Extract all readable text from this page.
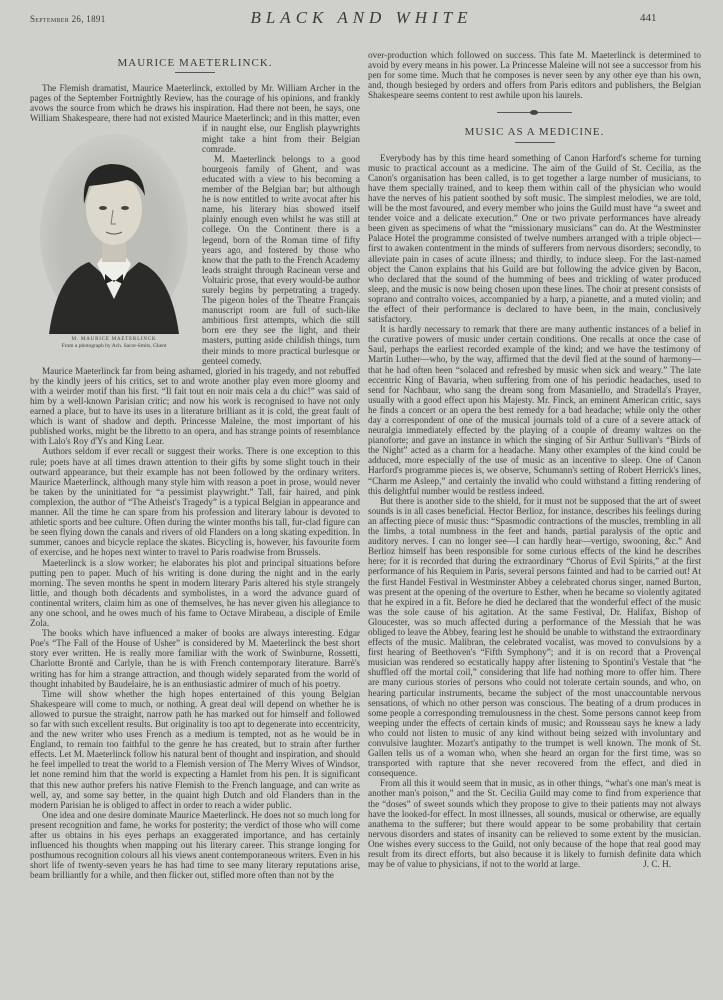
September 26, 1891	BLACK AND WHITE	441
MAURICE MAETERLINCK.
M. MAURICE MAETERLINCK
From a photograph by Ach. Sacre-Smits, Ghent

The Flemish dramatist, Maurice Maeterlinck, extolled by Mr. William Archer in the pages of the September Fortnightly Review, has the courage of his opinions, and frankly avows the source from which he draws his inspiration. Had there not been, he says, one William Shakespeare, there had not existed Maurice Maeterlinck; and in this matter, even if in naught else, our English playwrights might take a hint from their Belgian comrade.

M. Maeterlinck belongs to a good bourgeois family of Ghent, and was educated with a view to his becoming a member of the Belgian bar; but although he is now entitled to write avocat after his name, his literary bias showed itself plainly enough even whilst he was still at college. On the Continent there is a legend, born of the Roman time of fifty years ago, and fostered by those who know that the path to the French Academy leads straight through Racinean verse and Voltairic prose, that every would-be author surely begins by perpetrating a tragedy. The pigeon holes of the Theatre Français manuscript room are full of such-like ambitious first attempts, which die still born ere they see the light, and their masters, putting aside childish things, turn their minds to more practical burlesque or genteel comedy.

Maurice Maeterlinck far from being ashamed, gloried in his tragedy, and not rebuffed by the kindly jeers of his critics, set to and wrote another play even more gloomy and with a weirder motif than his first. “Il fait tout en noir mais cela a du chic!” was said of him by a well-known Parisian critic; and now his work is recognised to have not only earned a place, but to have its uses in a literature brilliant as it is cold, the great fault of which is want of shadow and depth. Princesse Maleine, the most important of his published works, might be the libretto to an opera, and has strange points of resemblance with Lalo's Roy d'Ys and King Lear.

Authors seldom if ever recall or suggest their works. There is one exception to this rule; poets have at all times drawn attention to their gifts by some slight touch in their outward appearance, but their example has not been followed by the ordinary writers. Maurice Maeterlinck, although many style him with reason a poet in prose, would never be taken by the uninitiated for “a pessimist playwright.” Tall, fair haired, and pink complexion, the author of “The Atheist's Tragedy” is a typical Belgian in appearance and manner. All the time he can spare from his profession and literary labour is devoted to athletic sports and bee culture. Often during the winter months his tall, fur-clad figure can be seen flying down the canals and rivers of old Flanders on a long skating expedition. In summer, canoes and bicycle replace the skates. Bicycling is, however, his favourite form of exercise, and he hopes next winter to travel to Paris roadwise from Brussels.

Maeterlinck is a slow worker; he elaborates his plot and principal situations before putting pen to paper. Much of his writing is done during the night and in the early morning. The seven months he spent in modern literary Paris altered his style strangely little, and though both décadents and symbolistes, in a word the advance guard of continental writers, claim him as one of themselves, he has never given his allegiance to any one school, and he owes much of his fame to Octave Mirabeau, a disciple of Emile Zola.

The books which have influenced a maker of books are always interesting. Edgar Poe's “The Fall of the House of Usher” is considered by M. Maeterlinck the best short story ever written. He is really more familiar with the work of Swinburne, Rossetti, Charlotte Brontë and Carlyle, than he is with French contemporary literature. Barrè's writing has for him a strange attraction, and though widely separated from the world of thought inhabited by Baudelaire, he is an enthusiastic admirer of much of his poetry.

Time will show whether the high hopes entertained of this young Belgian Shakespeare will come to much, or nothing. A great deal will depend on whether he is allowed to pursue the straight, narrow path he has marked out for himself and followed so far with such excellent results. But originality is too apt to degenerate into eccentricity, and the new writer who uses French as a medium is tempted, not as he would be in England, to remain too faithful to the genre he has created, but to strain after further effects. Let M. Maeterlinck follow his natural bent of thought and inspiration, and should he feel impelled to treat the world to a Flemish version of The Merry Wives of Windsor, let none remind him that the world is expecting a Hamlet from his pen. It is significant that this new author prefers his native Flemish to the French language, and can write as well, ay, and some say better, in the quaint high Dutch and old Flanders than in the modern Parisian he is obliged to affect in order to reach a wider public.

One idea and one desire dominate Maurice Maeterlinck. He does not so much long for present recognition and fame, he works for posterity; the verdict of those who will come after us obtains in his eyes perhaps an exaggerated importance, and has certainly influenced his thoughts when mapping out his literary career. This strange longing for posthumous recognition colours all his views anent contemporaneous writers. Even in his short life of twenty-seven years he has had time to see many literary reputations arise, beam brilliantly for a while, and then flicker out, stifled more often than not by the

over-production which followed on success. This fate M. Maeterlinck is determined to avoid by every means in his power. La Princesse Maleine will not see a successor from his pen for some time. Much that he composes is never seen by any other eye than his own, and, though besieged by orders and offers from Paris editors and publishers, the Belgian Shakespeare seems content to rest awhile upon his laurels.

MUSIC AS A MEDICINE.

Everybody has by this time heard something of Canon Harford's scheme for turning music to practical account as a medicine. The aim of the Guild of St. Cecilia, as the Canon's organisation has been called, is to get together a large number of musicians, to have them specially trained, and to keep them within call of the physician who would have the nerves of his patient soothed by soft music. The simplest melodies, we are told, will be the most favoured, and every member who joins the Guild must have “a sweet and tender voice and a delicate execution.” One or two private performances have already been given as specimens of what the “missionary musicians” can do. At the Westminster Palace Hotel the programme consisted of twelve numbers arranged with a triple object—first to awaken contentment in the minds of sufferers from nervous disorders; secondly, to alleviate pain in cases of acute illness; and thirdly, to induce sleep. For the last-named object the Canon explains that his Guild are but following the advice given by Bacon, who declared that the sound of the humming of bees and trickling of water produced sleep, and the music is now being chosen upon these lines. The choir at present consists of soprano and contralto voices, accompanied by a harp, a pianette, and a muted violin; and the effect of their performance is declared to have been, in the main, conclusively satisfactory.

It is hardly necessary to remark that there are many authentic instances of a belief in the curative powers of music under certain conditions. One recalls at once the case of Saul, perhaps the earliest recorded example of the kind; and we have the testimony of Martin Luther—who, by the way, affirmed that the devil fled at the sound of harmony—that he had often been “solaced and refreshed by music when sick and weary.” The late eccentric King of Bavaria, when suffering from one of his periodic headaches, used to send for Nachbaur, who sang the dream song from Masaniello, and Stradella's Prayer, usually with a good effect upon his Majesty. Mr. Finck, an eminent American critic, says he finds a concert or an opera the best remedy for a bad headache; while only the other day a correspondent of one of the musical journals told of a cure of a severe attack of neuralgia immediately effected by the playing of a couple of dreamy waltzes on the pianoforte; and gave an instance in which the singing of Sir Arthur Sullivan's “Birds of the Night” acted as a charm for a headache. Many other examples of the kind could be adduced, more especially of the use of music as an incentive to sleep. One of Canon Harford's programme pieces is, we observe, Schumann's setting of Robert Herrick's lines, “Charm me Asleep,” and certainly the invalid who could withstand a fitting rendering of this delightful number would be restless indeed.

But there is another side to the shield, for it must not be supposed that the art of sweet sounds is in all cases beneficial. Hector Berlioz, for instance, describes his feelings during an affecting piece of music thus: “Spasmodic contractions of the muscles, trembling in all the limbs, a total numbness in the feet and hands, partial paralysis of the optic and auditory nerves. I can no longer see—I can hardly hear—vertigo, swooning, &c.” And Berlioz himself has been responsible for some curious effects of the kind he describes here; for it is recorded that during the extraordinary “Chorus of Evil Spirits,” at the first performance of his Requiem in Paris, several persons fainted and had to be carried out! At the first Handel Festival in Westminster Abbey a celebrated chorus singer, named Burton, was present at the opening of the overture to Esther, when he became so violently agitated that he expired in a fit. Before he died he declared that the wonderful effect of the music was the sole cause of his agitation. At the same Festival, Dr. Halifax, Bishop of Gloucester, was so much affected during a performance of the Messiah that he was obliged to leave the Abbey, fearing lest he should be unable to withstand the extraordinary effects of the music. Malibran, the celebrated vocalist, was moved to convulsions by a first hearing of Beethoven's “Fifth Symphony”; and it is on record that a Provençal musician was rendered so ecstatically happy after listening to Spontini's Vestale that “he shuffled off the mortal coil,” considering that life had nothing more to offer him. There are many curious stories of persons who could not tolerate certain sounds, and who, on hearing particular instruments, became the subject of the most unaccountable nervous sensations, of which no other person was conscious. The beating of a drum produces in some people a corresponding tremulousness in the chest. Some persons cannot keep from weeping under the effects of certain kinds of music; and Rousseau says he knew a lady who could not listen to music of any kind without being seized with involuntary and convulsive laughter. Mozart's antipathy to the trumpet is well known. The monk of St. Gallen tells us of a woman who, when she heard an organ for the first time, was so transported with rapture that she never recovered from the effect, and died in consequence.

From all this it would seem that in music, as in other things, “what's one man's meat is another man's poison,” and the St. Cecilia Guild may come to find from experience that the “doses” of sweet sounds which they propose to give to their patients may not always have the looked-for effect. In most illnesses, all sounds, musical or otherwise, are equally anathema to the sufferer; but there would appear to be some probability that certain nervous disorders and states of insanity can be relieved to some extent by the musician. One wishes every success to the Guild, not only because of the hope that real good may result from its direct efforts, but also because it is likely to furnish definite data which may be of value to physicians, if not to the world at large.	J. C. H.
